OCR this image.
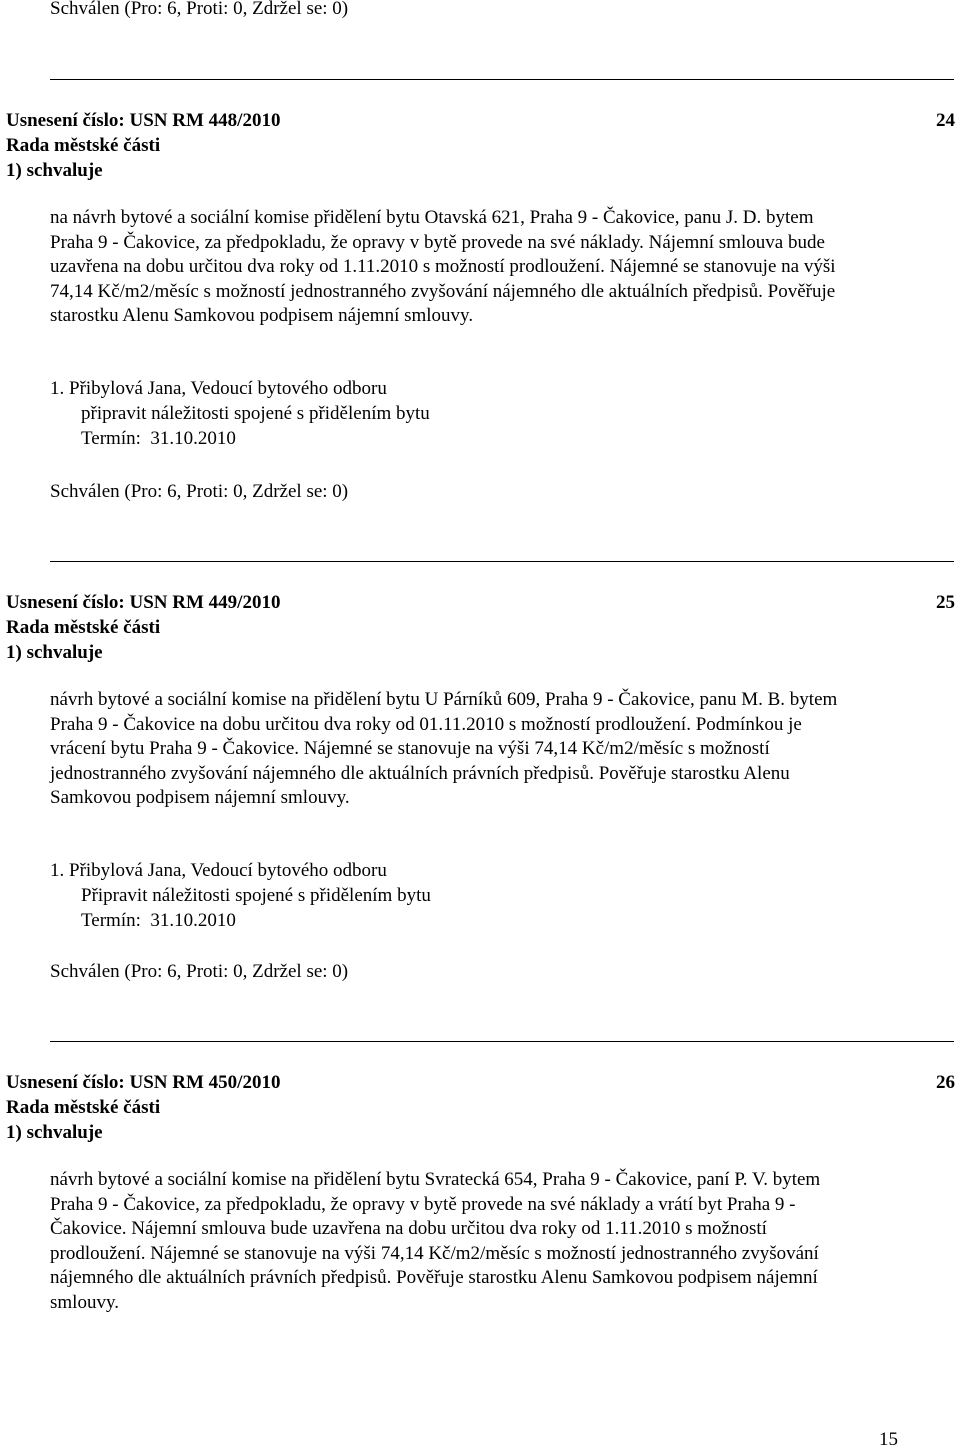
Schválen (Pro: 6, Proti: 0, Zdržel se: 0)
Usnesení číslo: USN RM 448/2010	24
Rada městské části
1) schvaluje

na návrh bytové a sociální komise přidělení bytu Otavská 621, Praha 9 - Čakovice, panu J. D. bytem

Praha 9 - Čakovice, za předpokladu, že opravy v bytě provede na své náklady. Nájemní smlouva bude

uzavřena na dobu určitou dva roky od 1.11.2010 s možností prodloužení. Nájemné se stanovuje na výši

74,14 Kč/m2/měsíc s možností jednostranného zvyšování nájemného dle aktuálních předpisů. Pověřuje

starostku Alenu Samkovou podpisem nájemní smlouvy.

1. Přibylová Jana, Vedoucí bytového odboru
připravit náležitosti spojené s přidělením bytu
Termín:  31.10.2010
Schválen (Pro: 6, Proti: 0, Zdržel se: 0)
Usnesení číslo: USN RM 449/2010	25
Rada městské části
1) schvaluje

návrh bytové a sociální komise na přidělení bytu U Párníků 609, Praha 9 - Čakovice, panu M. B. bytem

Praha 9 - Čakovice na dobu určitou dva roky od 01.11.2010 s možností prodloužení. Podmínkou je

vrácení bytu Praha 9 - Čakovice. Nájemné se stanovuje na výši 74,14 Kč/m2/měsíc s možností

jednostranného zvyšování nájemného dle aktuálních právních předpisů. Pověřuje starostku Alenu

Samkovou podpisem nájemní smlouvy.

1. Přibylová Jana, Vedoucí bytového odboru
Připravit náležitosti spojené s přidělením bytu
Termín:  31.10.2010
Schválen (Pro: 6, Proti: 0, Zdržel se: 0)
Usnesení číslo: USN RM 450/2010	26
Rada městské části
1) schvaluje

návrh bytové a sociální komise na přidělení bytu Svratecká 654, Praha 9 - Čakovice, paní P. V. bytem

Praha 9 - Čakovice, za předpokladu, že opravy v bytě provede na své náklady a vrátí byt Praha 9 -

Čakovice. Nájemní smlouva bude uzavřena na dobu určitou dva roky od 1.11.2010 s možností

prodloužení. Nájemné se stanovuje na výši 74,14 Kč/m2/měsíc s možností jednostranného zvyšování

nájemného dle aktuálních právních předpisů. Pověřuje starostku Alenu Samkovou podpisem nájemní

smlouvy.

15
